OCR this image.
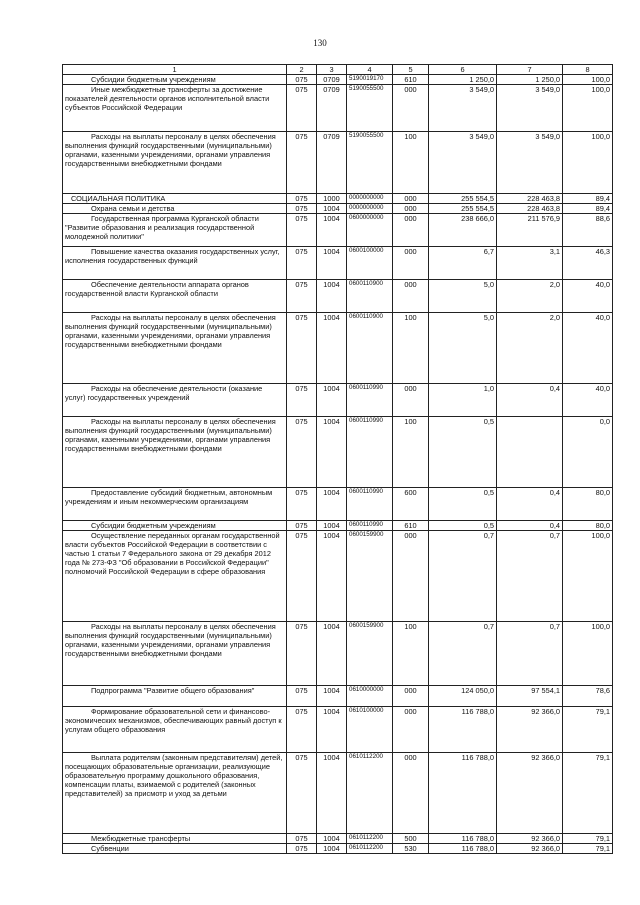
130
1	2	3	4	5	6	7	8
Субсидии бюджетным учреждениям	075	0709	5190019170	610	1 250,0	1 250,0	100,0
Иные межбюджетные трансферты за достижение показателей деятельности органов исполнительной власти субъектов Российской Федерации	075	0709	5190055500	000	3 549,0	3 549,0	100,0
Расходы на выплаты персоналу в целях обеспечения выполнения функций государственными (муниципальными) органами, казенными учреждениями, органами управления государственными внебюджетными фондами	075	0709	5190055500	100	3 549,0	3 549,0	100,0
СОЦИАЛЬНАЯ ПОЛИТИКА	075	1000	0000000000	000	255 554,5	228 463,8	89,4
Охрана семьи и детства	075	1004	0000000000	000	255 554,5	228 463,8	89,4
Государственная программа Курганской области "Развитие образования и реализация государственной молодежной политики"	075	1004	0600000000	000	238 666,0	211 576,9	88,6
Повышение качества оказания государственных услуг, исполнения государственных функций	075	1004	0600100000	000	6,7	3,1	46,3
Обеспечение деятельности аппарата органов государственной власти Курганской области	075	1004	0600110900	000	5,0	2,0	40,0
Расходы на выплаты персоналу в целях обеспечения выполнения функций государственными (муниципальными) органами, казенными учреждениями, органами управления государственными внебюджетными фондами	075	1004	0600110900	100	5,0	2,0	40,0
Расходы на обеспечение деятельности (оказание услуг) государственных учреждений	075	1004	0600110990	000	1,0	0,4	40,0
Расходы на выплаты персоналу в целях обеспечения выполнения функций государственными (муниципальными) органами, казенными учреждениями, органами управления государственными внебюджетными фондами	075	1004	0600110990	100	0,5		0,0
Предоставление субсидий бюджетным, автономным учреждениям и иным некоммерческим организациям	075	1004	0600110990	600	0,5	0,4	80,0
Субсидии бюджетным учреждениям	075	1004	0600110990	610	0,5	0,4	80,0
Осуществление переданных органам государственной власти субъектов Российской Федерации в соответствии с частью 1 статьи 7 Федерального закона от 29 декабря 2012 года № 273-ФЗ "Об образовании в Российской Федерации" полномочий Российской Федерации в сфере образования	075	1004	0600159900	000	0,7	0,7	100,0
Расходы на выплаты персоналу в целях обеспечения выполнения функций государственными (муниципальными) органами, казенными учреждениями, органами управления государственными внебюджетными фондами	075	1004	0600159900	100	0,7	0,7	100,0
Подпрограмма "Развитие общего образования"	075	1004	0610000000	000	124 050,0	97 554,1	78,6
Формирование образовательной сети и финансово-экономических механизмов, обеспечивающих равный доступ к услугам общего образования	075	1004	0610100000	000	116 788,0	92 366,0	79,1
Выплата родителям (законным представителям) детей, посещающих образовательные организации, реализующие образовательную программу дошкольного образования, компенсации платы, взимаемой с родителей (законных представителей) за присмотр и уход за детьми	075	1004	0610112200	000	116 788,0	92 366,0	79,1
Межбюджетные трансферты	075	1004	0610112200	500	116 788,0	92 366,0	79,1
Субвенции	075	1004	0610112200	530	116 788,0	92 366,0	79,1
